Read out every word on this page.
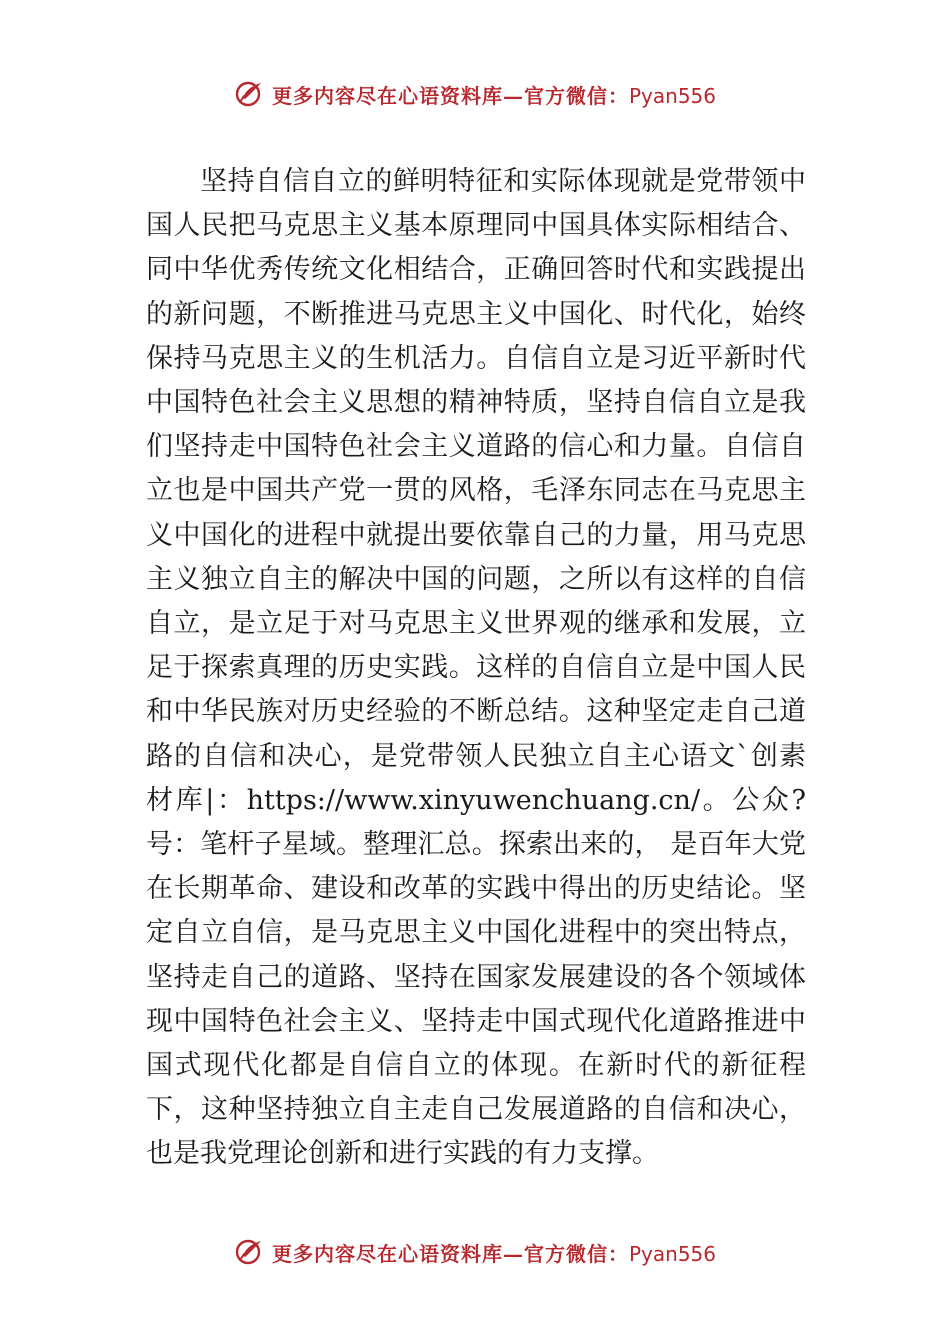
更多内容尽在心语资料库—官方微信：Pyan556
坚持自信自立的鲜明特征和实际体现就是党带领中国人民把马克思主义基本原理同中国具体实际相结合、同中华优秀传统文化相结合，正确回答时代和实践提出的新问题，不断推进马克思主义中国化、时代化，始终保持马克思主义的生机活力。自信自立是习近平新时代中国特色社会主义思想的精神特质，坚持自信自立是我们坚持走中国特色社会主义道路的信心和力量。自信自立也是中国共产党一贯的风格，毛泽东同志在马克思主义中国化的进程中就提出要依靠自己的力量，用马克思主义独立自主的解决中国的问题，之所以有这样的自信自立，是立足于对马克思主义世界观的继承和发展，立足于探索真理的历史实践。这样的自信自立是中国人民和中华民族对历史经验的不断总结。这种坚定走自己道路的自信和决心，是党带领人民独立自主心语文`创素材库|：https://www.xinyuwenchuang.cn/。公众?号：笔杆子星域。整理汇总。探索出来的， 是百年大党在长期革命、建设和改革的实践中得出的历史结论。坚定自立自信，是马克思主义中国化进程中的突出特点，坚持走自己的道路、坚持在国家发展建设的各个领域体现中国特色社会主义、坚持走中国式现代化道路推进中国式现代化都是自信自立的体现。在新时代的新征程下，这种坚持独立自主走自己发展道路的自信和决心，也是我党理论创新和进行实践的有力支撑。
更多内容尽在心语资料库—官方微信：Pyan556
